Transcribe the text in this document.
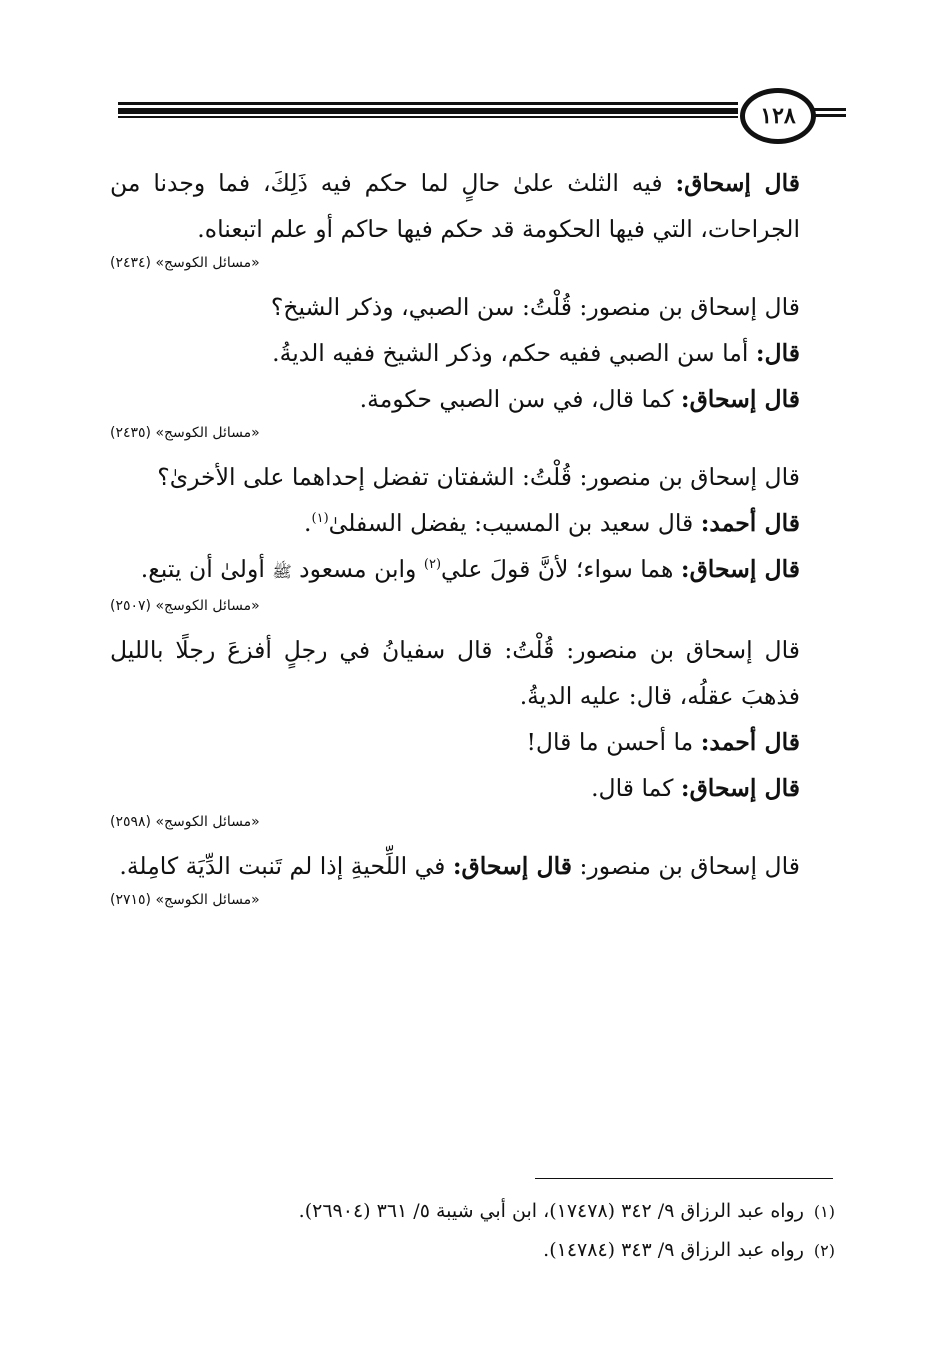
١٢٨

قال إسحاق: فيه الثلث علىٰ حالٍ لما حكم فيه ذَلِكَ، فما وجدنا من الجراحات، التي فيها الحكومة قد حكم فيها حاكم أو علم اتبعناه.

«مسائل الكوسج» (٢٤٣٤)

قال إسحاق بن منصور: قُلْتُ: سن الصبي، وذكر الشيخ؟

قال: أما سن الصبي ففيه حكم، وذكر الشيخ ففيه الديةُ.

قال إسحاق: كما قال، في سن الصبي حكومة.

«مسائل الكوسج» (٢٤٣٥)

قال إسحاق بن منصور: قُلْتُ: الشفتان تفضل إحداهما على الأخرىٰ؟

قال أحمد: قال سعيد بن المسيب: يفضل السفلىٰ$^{(١)}$.

قال إسحاق: هما سواء؛ لأنَّ قولَ علي$^{(٢)}$ وابن مسعود ﷺ أولىٰ أن يتبع.

«مسائل الكوسج» (٢٥٠٧)

قال إسحاق بن منصور: قُلْتُ: قال سفيانُ في رجلٍ أفزعَ رجلًا بالليل فذهبَ عقلُه، قال: عليه الديةُ.

قال أحمد: ما أحسن ما قال!

قال إسحاق: كما قال.

«مسائل الكوسج» (٢٥٩٨)

قال إسحاق بن منصور: قال إسحاق: في اللِّحيةِ إذا لم تَنبت الدِّيَة كامِلة.

«مسائل الكوسج» (٢٧١٥)

(١)رواه عبد الرزاق ٩/ ٣٤٢ (١٧٤٧٨)، ابن أبي شيبة ٥/ ٣٦١ (٢٦٩٠٤).

(٢)رواه عبد الرزاق ٩/ ٣٤٣ (١٤٧٨٤).
